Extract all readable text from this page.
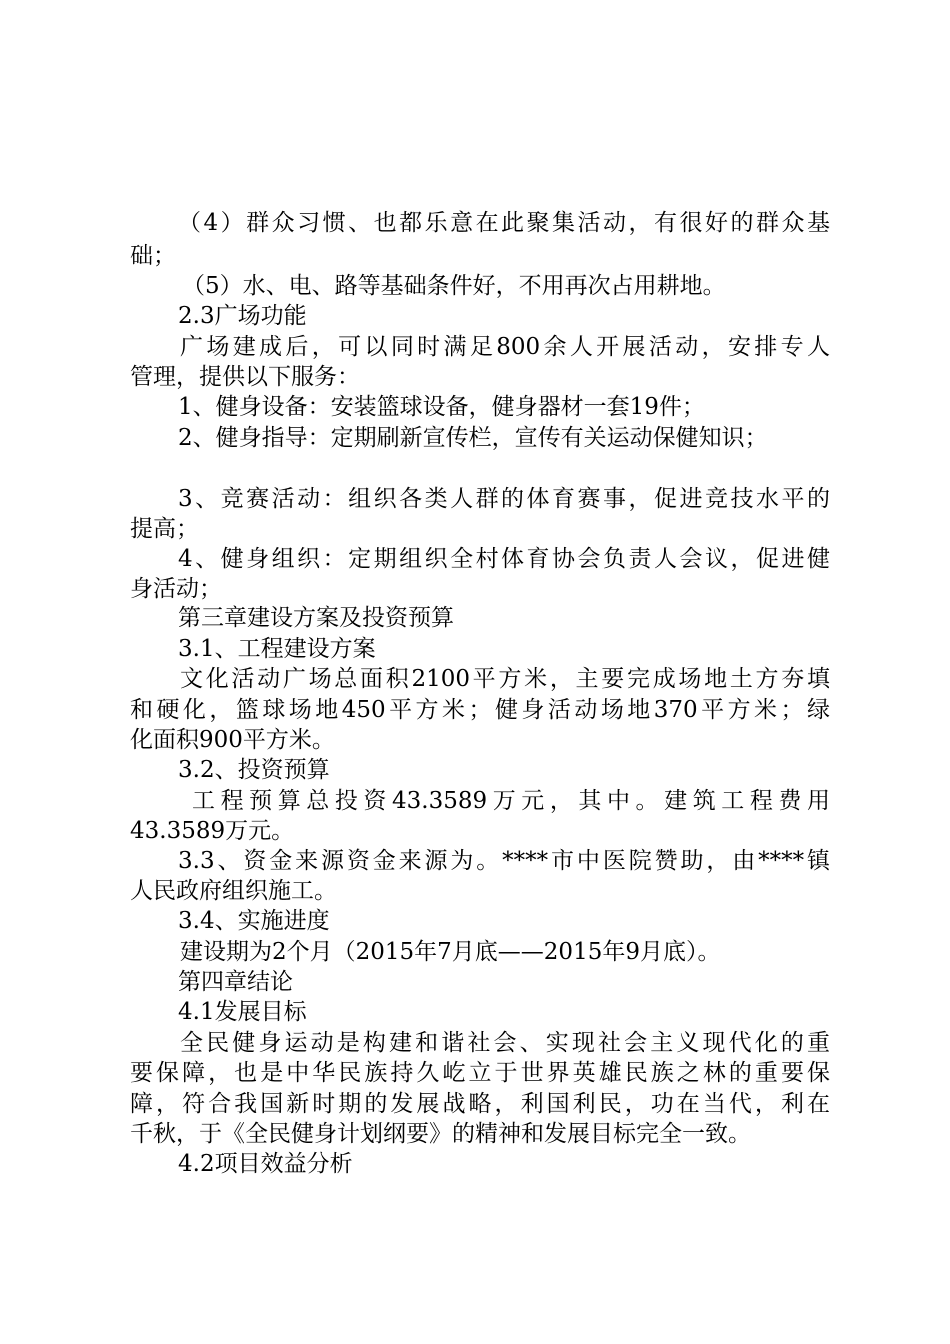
（4）群众习惯、也都乐意在此聚集活动，有很好的群众基
础；
（5）水、电、路等基础条件好，不用再次占用耕地。
2.3广场功能
广场建成后，可以同时满足800余人开展活动，安排专人
管理，提供以下服务：
1、健身设备：安装篮球设备，健身器材一套19件；
2、健身指导：定期刷新宣传栏，宣传有关运动保健知识；
3、竞赛活动：组织各类人群的体育赛事，促进竞技水平的
提高；
4、健身组织：定期组织全村体育协会负责人会议，促进健
身活动；
第三章建设方案及投资预算
3.1、工程建设方案
文化活动广场总面积2100平方米，主要完成场地土方夯填
和硬化，篮球场地450平方米；健身活动场地370平方米；绿
化面积900平方米。
3.2、投资预算
工程预算总投资43.3589万元，其中。建筑工程费用
43.3589万元。
3.3、资金来源资金来源为。****市中医院赞助，由****镇
人民政府组织施工。
3.4、实施进度
建设期为2个月（2015年7月底——2015年9月底）。
第四章结论
4.1发展目标
全民健身运动是构建和谐社会、实现社会主义现代化的重
要保障，也是中华民族持久屹立于世界英雄民族之林的重要保
障，符合我国新时期的发展战略，利国利民，功在当代，利在
千秋，于《全民健身计划纲要》的精神和发展目标完全一致。
4.2项目效益分析
